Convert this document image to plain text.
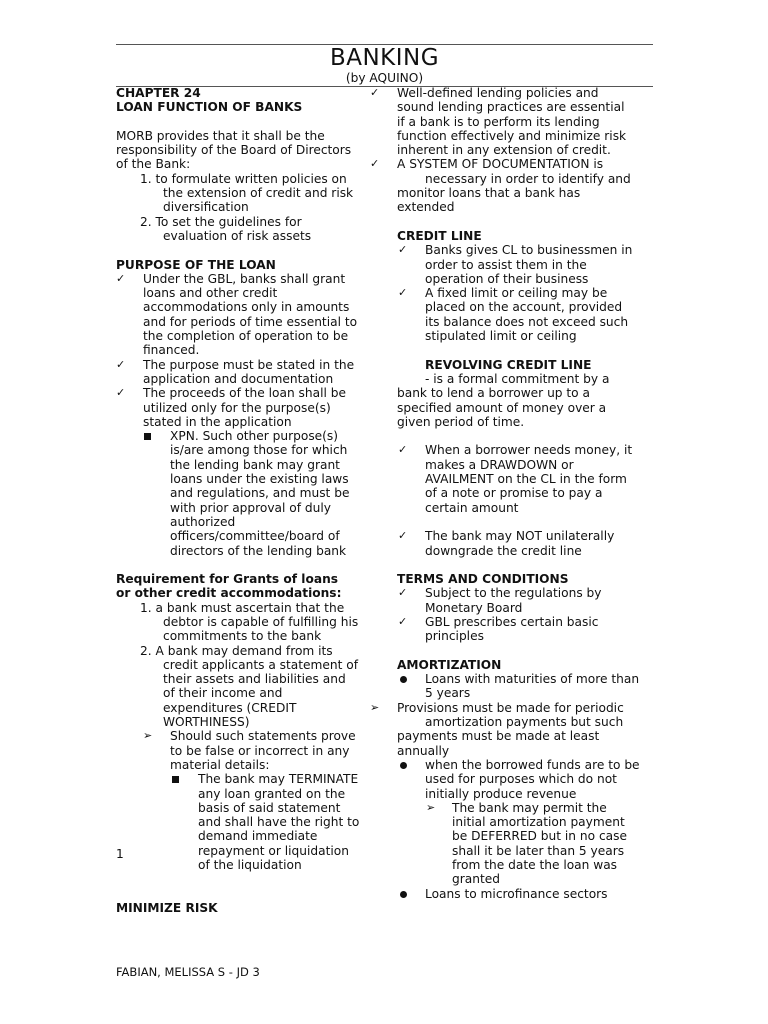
BANKING
(by AQUINO)
CHAPTER 24
LOAN FUNCTION OF BANKS
MORB provides that it shall be the
responsibility of the Board of Directors
of the Bank:
1. to formulate written policies on
the extension of credit and risk
diversification
2. To set the guidelines for
evaluation of risk assets
PURPOSE OF THE LOAN
✓ Under the GBL, banks shall grant
loans and other credit
accommodations only in amounts
and for periods of time essential to
the completion of operation to be
financed.
✓ The purpose must be stated in the
application and documentation
✓ The proceeds of the loan shall be
utilized only for the purpose(s)
stated in the application
XPN. Such other purpose(s)
is/are among those for which
the lending bank may grant
loans under the existing laws
and regulations, and must be
with prior approval of duly
authorized
officers/committee/board of
directors of the lending bank
Requirement for Grants of loans
or other credit accommodations:
1. a bank must ascertain that the
debtor is capable of fulfilling his
commitments to the bank
2. A bank may demand from its
credit applicants a statement of
their assets and liabilities and
of their income and
expenditures (CREDIT
WORTHINESS)
➢ Should such statements prove
to be false or incorrect in any
material details:
The bank may TERMINATE
any loan granted on the
basis of said statement
and shall have the right to
demand immediate
repayment or liquidation
of the liquidation
MINIMIZE RISK
1
✓ Well-defined lending policies and
sound lending practices are essential
if a bank is to perform its lending
function effectively and minimize risk
inherent in any extension of credit.
✓ A SYSTEM OF DOCUMENTATION is
necessary in order to identify and
monitor loans that a bank has
extended
CREDIT LINE
✓ Banks gives CL to businessmen in
order to assist them in the
operation of their business
✓ A fixed limit or ceiling may be
placed on the account, provided
its balance does not exceed such
stipulated limit or ceiling
REVOLVING CREDIT LINE
- is a formal commitment by a
bank to lend a borrower up to a
specified amount of money over a
given period of time.
✓ When a borrower needs money, it
makes a DRAWDOWN or
AVAILMENT on the CL in the form
of a note or promise to pay a
certain amount
✓ The bank may NOT unilaterally
downgrade the credit line
TERMS AND CONDITIONS
✓ Subject to the regulations by
Monetary Board
✓ GBL prescribes certain basic
principles
AMORTIZATION
Loans with maturities of more than
5 years
➢ Provisions must be made for periodic
amortization payments but such
payments must be made at least
annually
when the borrowed funds are to be
used for purposes which do not
initially produce revenue
➢ The bank may permit the
initial amortization payment
be DEFERRED but in no case
shall it be later than 5 years
from the date the loan was
granted
Loans to microfinance sectors
FABIAN, MELISSA S - JD 3
